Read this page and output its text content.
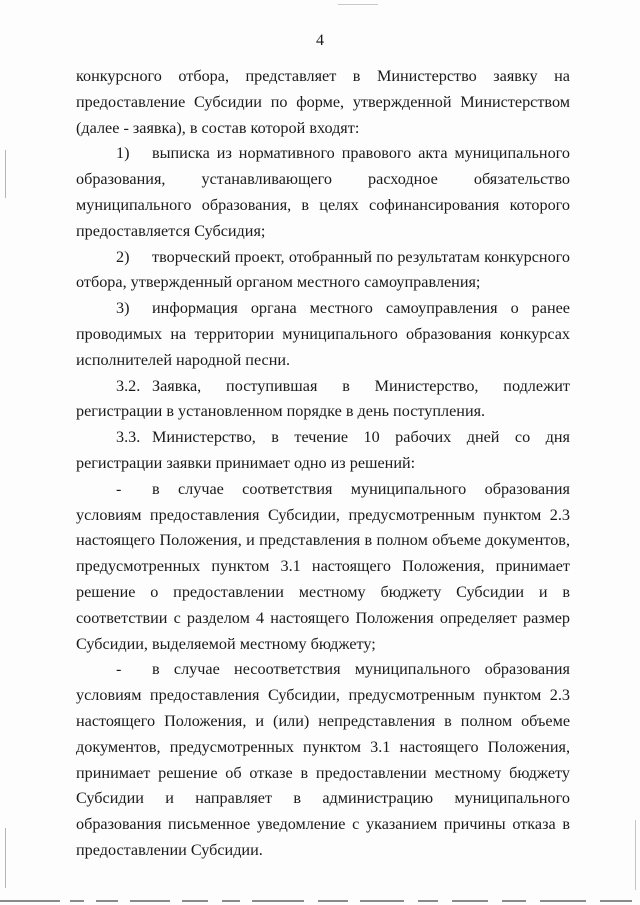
4

конкурсного отбора, представляет в Министерство заявку на предоставление Субсидии по форме, утвержденной Министерством (далее - заявка), в состав которой входят:

1) выписка из нормативного правового акта муниципального образования, устанавливающего расходное обязательство муниципального образования, в целях софинансирования которого предоставляется Субсидия;

2) творческий проект, отобранный по результатам конкурсного отбора, утвержденный органом местного самоуправления;

3) информация органа местного самоуправления о ранее проводимых на территории муниципального образования конкурсах исполнителей народной песни.

3.2. Заявка, поступившая в Министерство, подлежит регистрации в установленном порядке в день поступления.

3.3. Министерство, в течение 10 рабочих дней со дня регистрации заявки принимает одно из решений:

- в случае соответствия муниципального образования условиям предоставления Субсидии, предусмотренным пунктом 2.3 настоящего Положения, и представления в полном объеме документов, предусмотренных пунктом 3.1 настоящего Положения, принимает решение о предоставлении местному бюджету Субсидии и в соответствии с разделом 4 настоящего Положения определяет размер Субсидии, выделяемой местному бюджету;

- в случае несоответствия муниципального образования условиям предоставления Субсидии, предусмотренным пунктом 2.3 настоящего Положения, и (или) непредставления в полном объеме документов, предусмотренных пунктом 3.1 настоящего Положения, принимает решение об отказе в предоставлении местному бюджету Субсидии и направляет в администрацию муниципального образования письменное уведомление с указанием причины отказа в предоставлении Субсидии.
